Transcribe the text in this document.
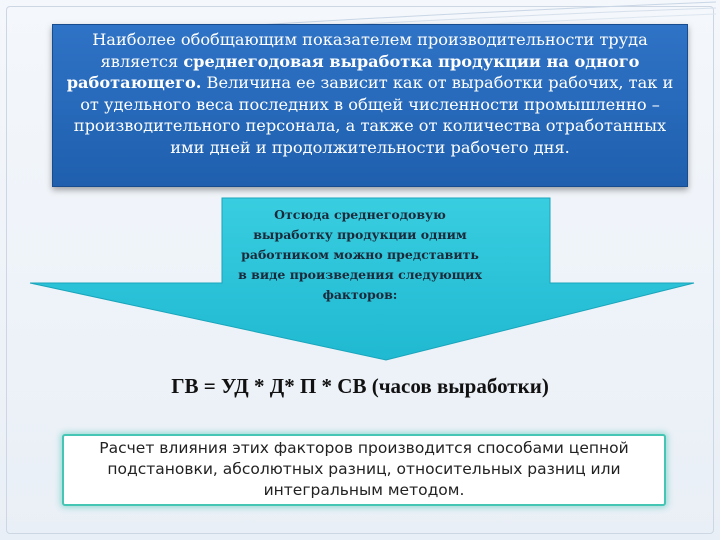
Наиболее обобщающим показателем производительности труда является среднегодовая выработка продукции на одного работающего. Величина ее зависит как от выработки рабочих, так и от удельного веса последних в общей численности промышленно – производительного персонала, а также от количества отработанных ими дней и продолжительности рабочего дня.
Отсюда среднегодовую выработку продукции одним работником можно представить в виде произведения следующих факторов:
ГВ = УД * Д* П * СВ (часов выработки)
Расчет влияния этих факторов производится способами цепной подстановки, абсолютных разниц, относительных разниц или интегральным методом.
